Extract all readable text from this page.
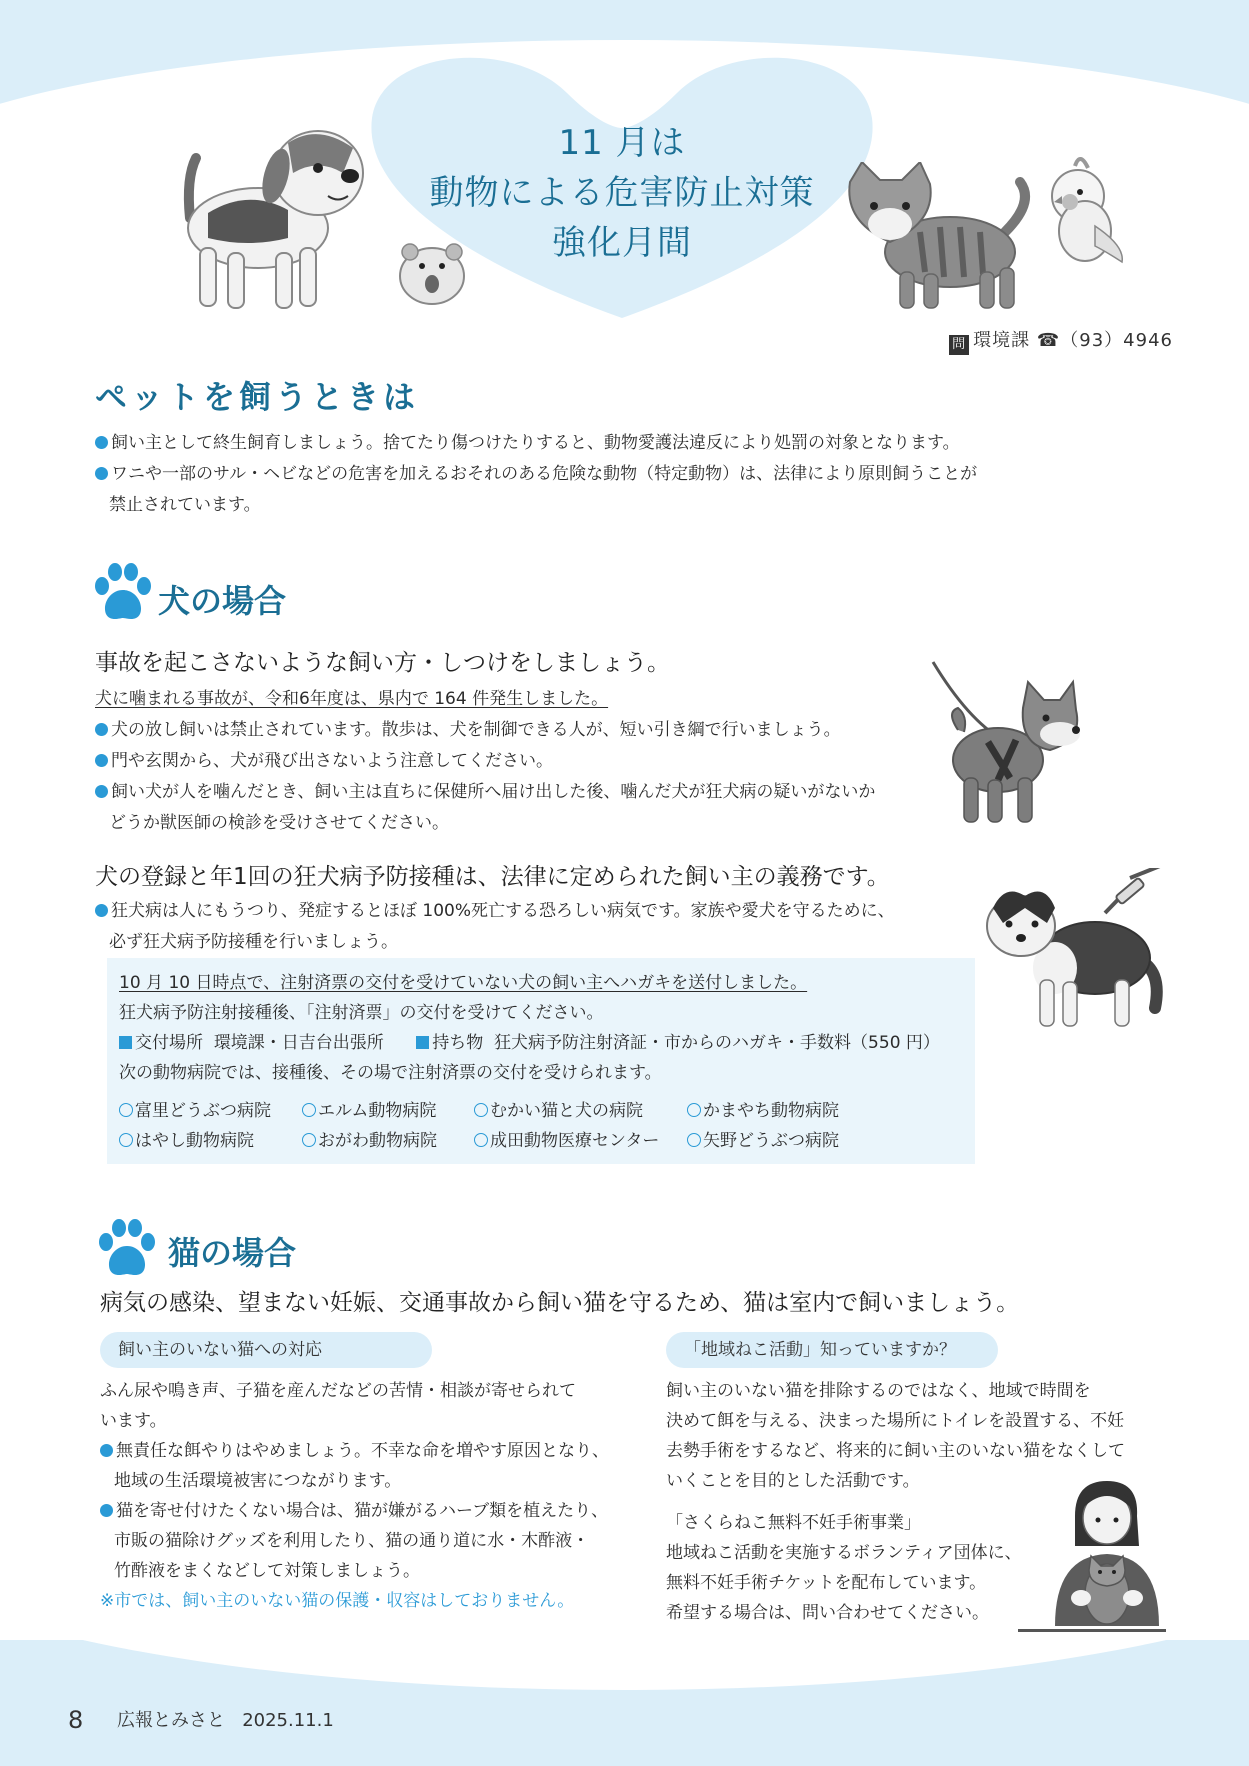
11 月は
動物による危害防止対策
強化月間
問 環境課 ☎（93）4946
ペットを飼うときは
飼い主として終生飼育しましょう。捨てたり傷つけたりすると、動物愛護法違反により処罰の対象となります。
ワニや一部のサル・ヘビなどの危害を加えるおそれのある危険な動物（特定動物）は、法律により原則飼うことが
禁止されています。
犬の場合
事故を起こさないような飼い方・しつけをしましょう。
犬に噛まれる事故が、令和6年度は、県内で 164 件発生しました。
犬の放し飼いは禁止されています。散歩は、犬を制御できる人が、短い引き綱で行いましょう。
門や玄関から、犬が飛び出さないよう注意してください。
飼い犬が人を噛んだとき、飼い主は直ちに保健所へ届け出した後、噛んだ犬が狂犬病の疑いがないか
どうか獣医師の検診を受けさせてください。
犬の登録と年1回の狂犬病予防接種は、法律に定められた飼い主の義務です。
狂犬病は人にもうつり、発症するとほぼ 100%死亡する恐ろしい病気です。家族や愛犬を守るために、
必ず狂犬病予防接種を行いましょう。
10 月 10 日時点で、注射済票の交付を受けていない犬の飼い主へハガキを送付しました。
狂犬病予防注射接種後、「注射済票」の交付を受けてください。
交付場所 環境課・日吉台出張所	持ち物 狂犬病予防注射済証・市からのハガキ・手数料（550 円）
次の動物病院では、接種後、その場で注射済票の交付を受けられます。
富里どうぶつ病院	エルム動物病院	むかい猫と犬の病院	かまやち動物病院
はやし動物病院	おがわ動物病院	成田動物医療センター	矢野どうぶつ病院
猫の場合
病気の感染、望まない妊娠、交通事故から飼い猫を守るため、猫は室内で飼いましょう。
飼い主のいない猫への対応
ふん尿や鳴き声、子猫を産んだなどの苦情・相談が寄せられて
います。
無責任な餌やりはやめましょう。不幸な命を増やす原因となり、
地域の生活環境被害につながります。
猫を寄せ付けたくない場合は、猫が嫌がるハーブ類を植えたり、
市販の猫除けグッズを利用したり、猫の通り道に水・木酢液・
竹酢液をまくなどして対策しましょう。
※市では、飼い主のいない猫の保護・収容はしておりません。
「地域ねこ活動」知っていますか？
飼い主のいない猫を排除するのではなく、地域で時間を
決めて餌を与える、決まった場所にトイレを設置する、不妊
去勢手術をするなど、将来的に飼い主のいない猫をなくして
いくことを目的とした活動です。
「さくらねこ無料不妊手術事業」
地域ねこ活動を実施するボランティア団体に、
無料不妊手術チケットを配布しています。
希望する場合は、問い合わせてください。
8 広報とみさと 2025.11.1
